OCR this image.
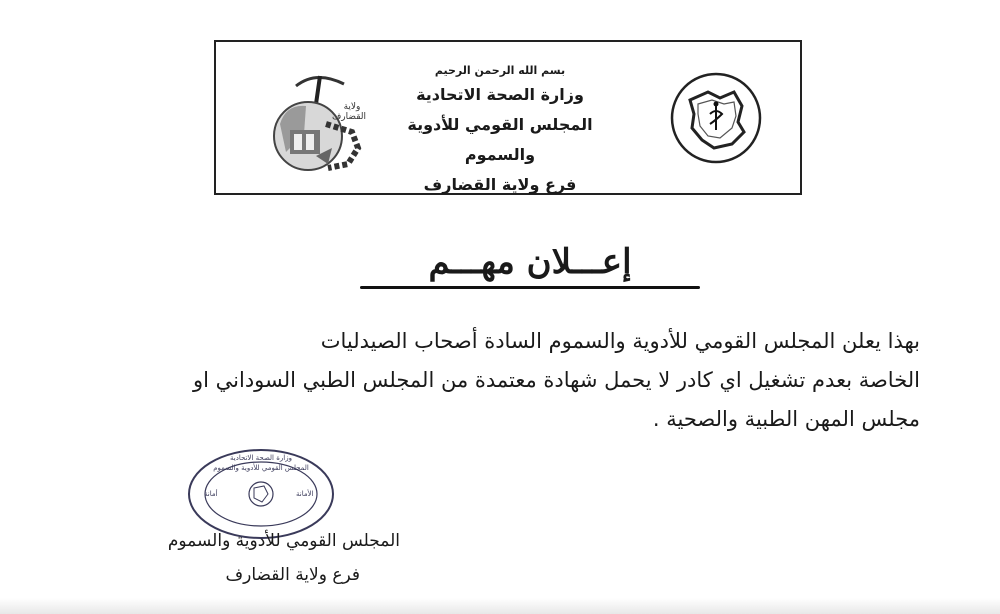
ولاية القضارف
بسم الله الرحمن الرحيم
وزارة الصحة الاتحادية
المجلس القومي للأدوية والسموم
فرع ولاية القضارف
إعـــلان مهـــم

بهذا يعلن المجلس القومي للأدوية والسموم السادة أصحاب الصيدليات

الخاصة بعدم تشغيل اي كادر لا يحمل شهادة معتمدة من المجلس الطبي السوداني او

مجلس المهن الطبية والصحية .

وزارة الصحة الاتحادية
المجلس القومي للأدوية والسموم
أمانة	الأمانة
المجلس القومي للأدوية والسموم
فرع ولاية القضارف
